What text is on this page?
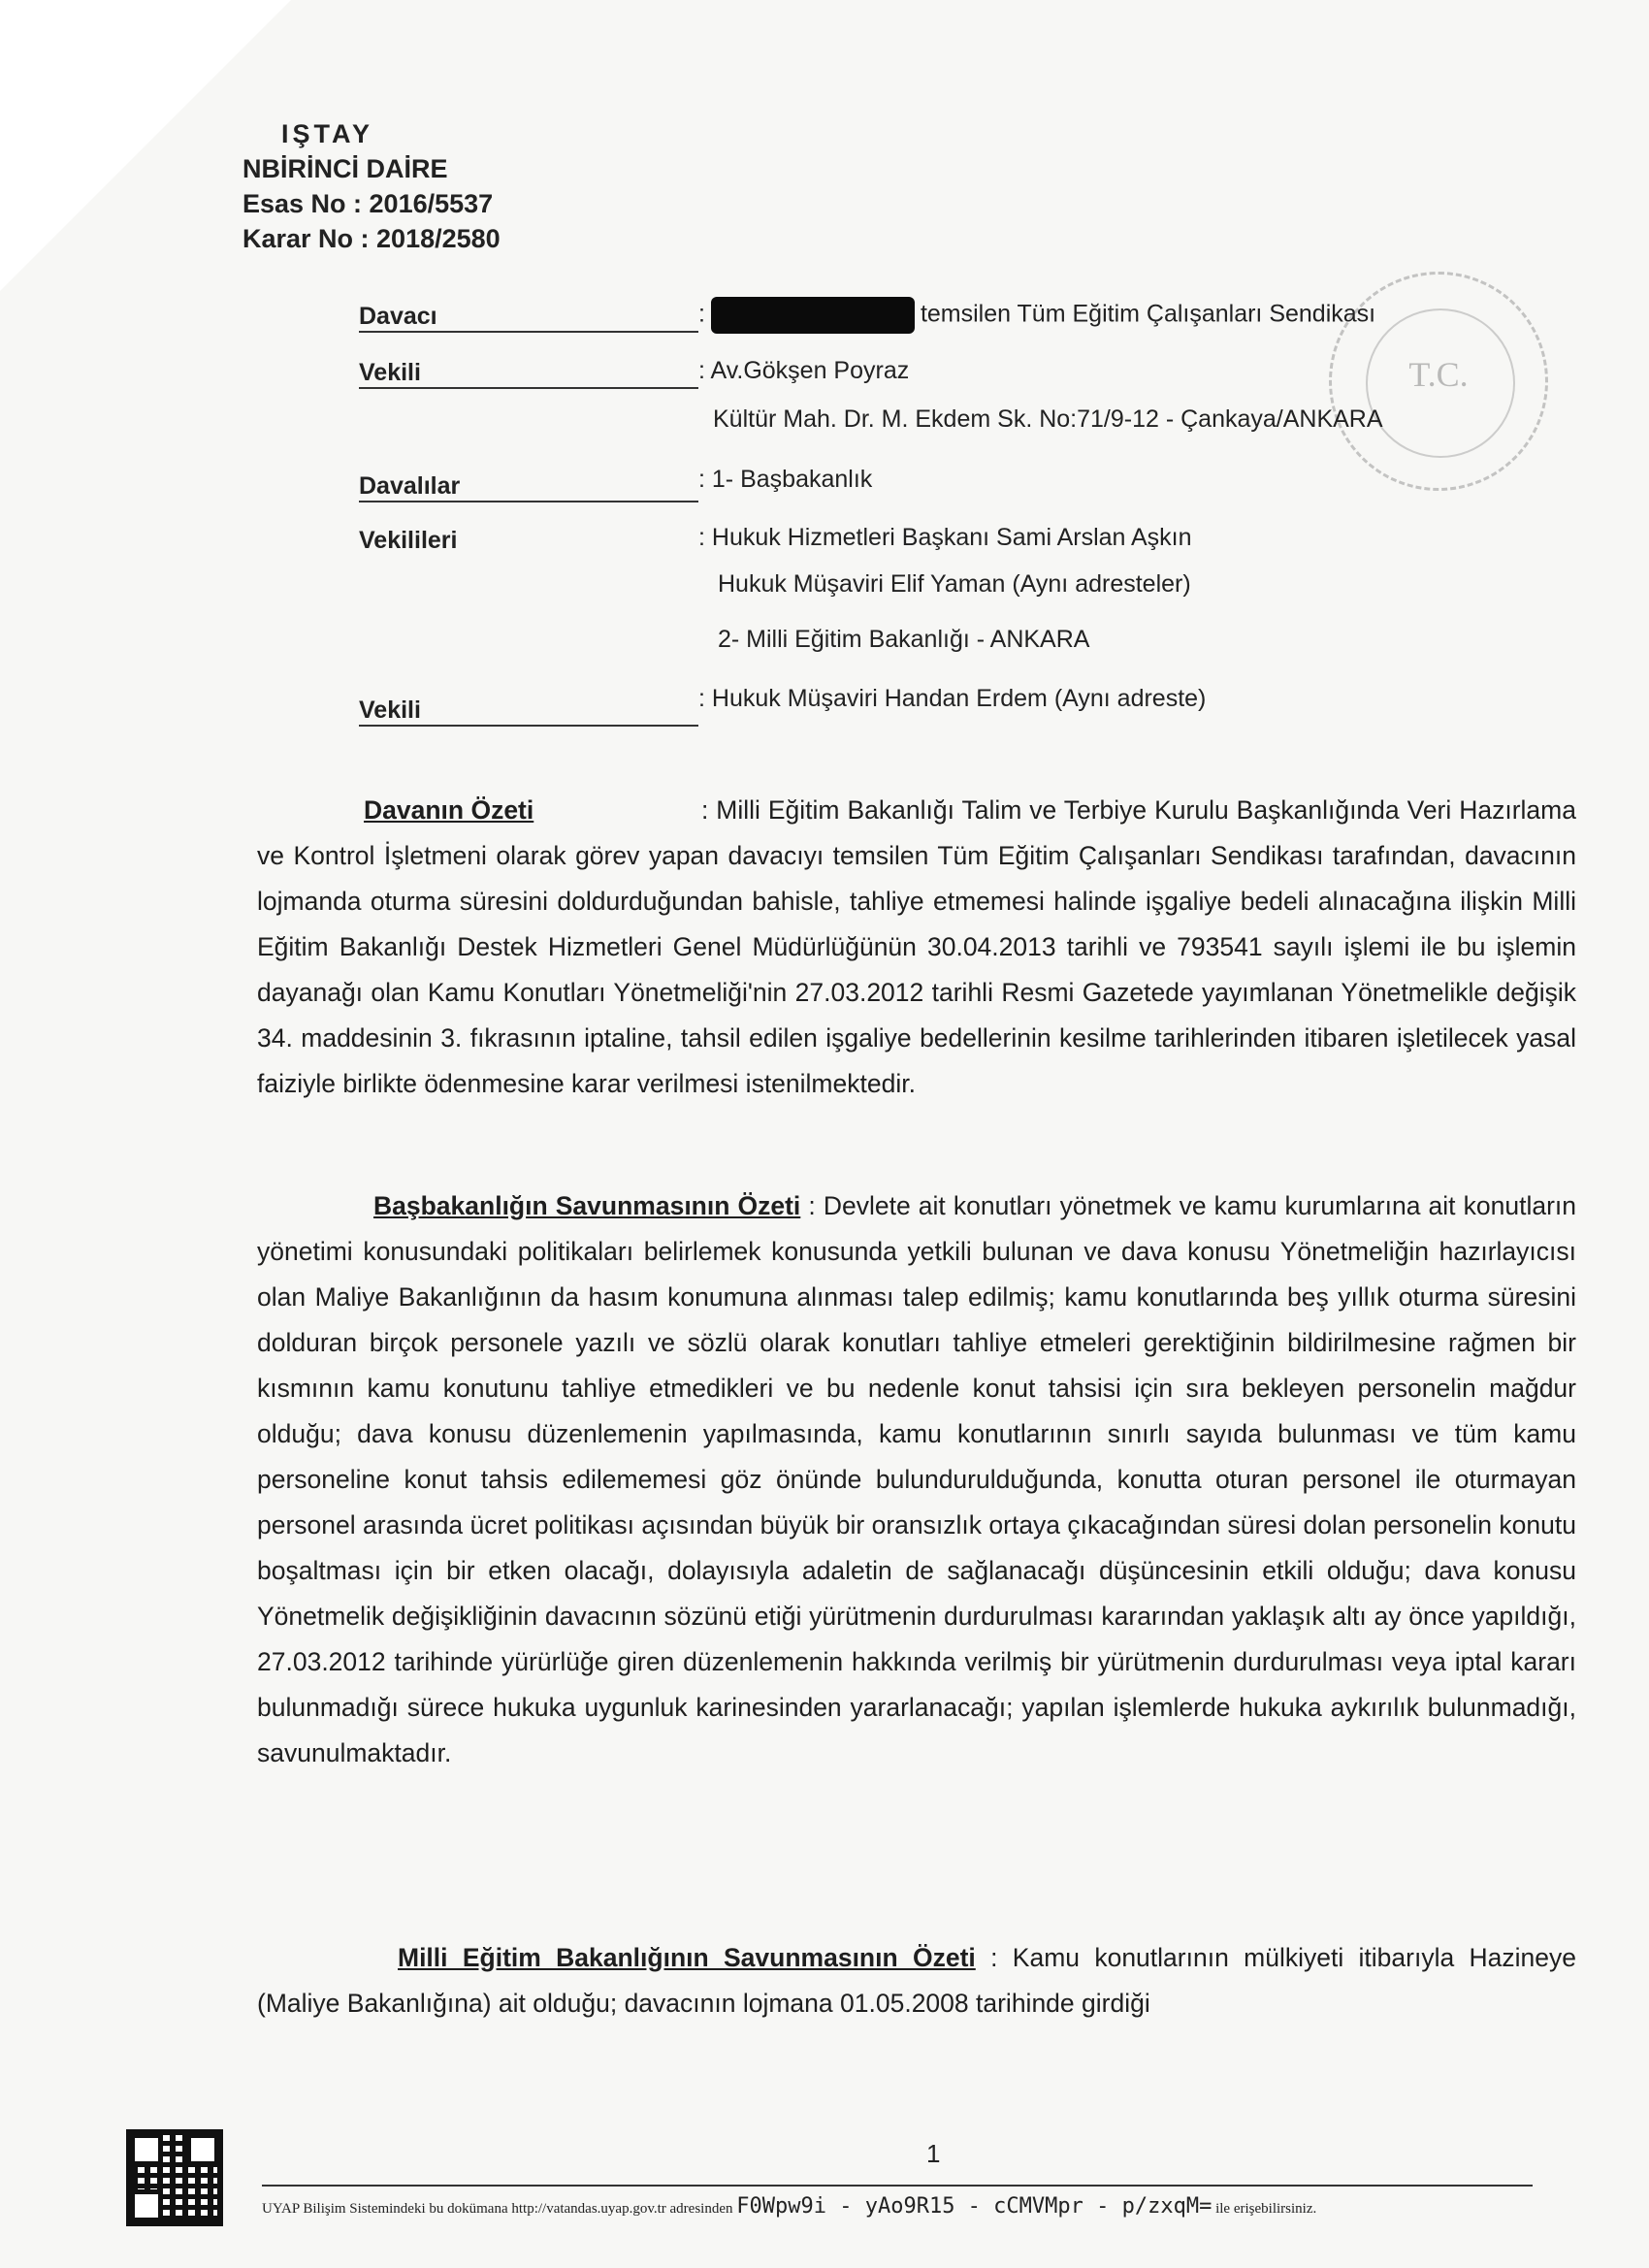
IŞTAY
NBİRİNCİ DAİRE
Esas No : 2016/5537
Karar No : 2018/2580
T.C.
Davacı	:	temsilen Tüm Eğitim Çalışanları Sendikası
Vekili	: Av.Gökşen Poyraz
Kültür Mah. Dr. M. Ekdem Sk. No:71/9-12 - Çankaya/ANKARA
Davalılar	: 1- Başbakanlık
Vekilileri	: Hukuk Hizmetleri Başkanı Sami Arslan Aşkın
Hukuk Müşaviri Elif Yaman (Aynı adresteler)
2- Milli Eğitim Bakanlığı - ANKARA
Vekili	: Hukuk Müşaviri Handan Erdem (Aynı adreste)
Davanın Özeti	: Milli Eğitim Bakanlığı Talim ve Terbiye Kurulu Başkanlığında Veri Hazırlama ve Kontrol İşletmeni olarak görev yapan davacıyı temsilen Tüm Eğitim Çalışanları Sendikası tarafından, davacının lojmanda oturma süresini doldurduğundan bahisle, tahliye etmemesi halinde işgaliye bedeli alınacağına ilişkin Milli Eğitim Bakanlığı Destek Hizmetleri Genel Müdürlüğünün 30.04.2013 tarihli ve 793541 sayılı işlemi ile bu işlemin dayanağı olan Kamu Konutları Yönetmeliği'nin 27.03.2012 tarihli Resmi Gazetede yayımlanan Yönetmelikle değişik 34. maddesinin 3. fıkrasının iptaline, tahsil edilen işgaliye bedellerinin kesilme tarihlerinden itibaren işletilecek yasal faiziyle birlikte ödenmesine karar verilmesi istenilmektedir.
Başbakanlığın Savunmasının Özeti : Devlete ait konutları yönetmek ve kamu kurumlarına ait konutların yönetimi konusundaki politikaları belirlemek konusunda yetkili bulunan ve dava konusu Yönetmeliğin hazırlayıcısı olan Maliye Bakanlığının da hasım konumuna alınması talep edilmiş; kamu konutlarında beş yıllık oturma süresini dolduran birçok personele yazılı ve sözlü olarak konutları tahliye etmeleri gerektiğinin bildirilmesine rağmen bir kısmının kamu konutunu tahliye etmedikleri ve bu nedenle konut tahsisi için sıra bekleyen personelin mağdur olduğu; dava konusu düzenlemenin yapılmasında, kamu konutlarının sınırlı sayıda bulunması ve tüm kamu personeline konut tahsis edilememesi göz önünde bulundurulduğunda, konutta oturan personel ile oturmayan personel arasında ücret politikası açısından büyük bir oransızlık ortaya çıkacağından süresi dolan personelin konutu boşaltması için bir etken olacağı, dolayısıyla adaletin de sağlanacağı düşüncesinin etkili olduğu; dava konusu Yönetmelik değişikliğinin davacının sözünü etiği yürütmenin durdurulması kararından yaklaşık altı ay önce yapıldığı, 27.03.2012 tarihinde yürürlüğe giren düzenlemenin hakkında verilmiş bir yürütmenin durdurulması veya iptal kararı bulunmadığı sürece hukuka uygunluk karinesinden yararlanacağı; yapılan işlemlerde hukuka aykırılık bulunmadığı, savunulmaktadır.
Milli Eğitim Bakanlığının Savunmasının Özeti : Kamu konutlarının mülkiyeti itibarıyla Hazineye (Maliye Bakanlığına) ait olduğu; davacının lojmana 01.05.2008 tarihinde girdiği
1
UYAP Bilişim Sistemindeki bu dokümana http://vatandas.uyap.gov.tr adresinden F0Wpw9i - yAo9R15 - cCMVMpr - p/zxqM= ile erişebilirsiniz.
